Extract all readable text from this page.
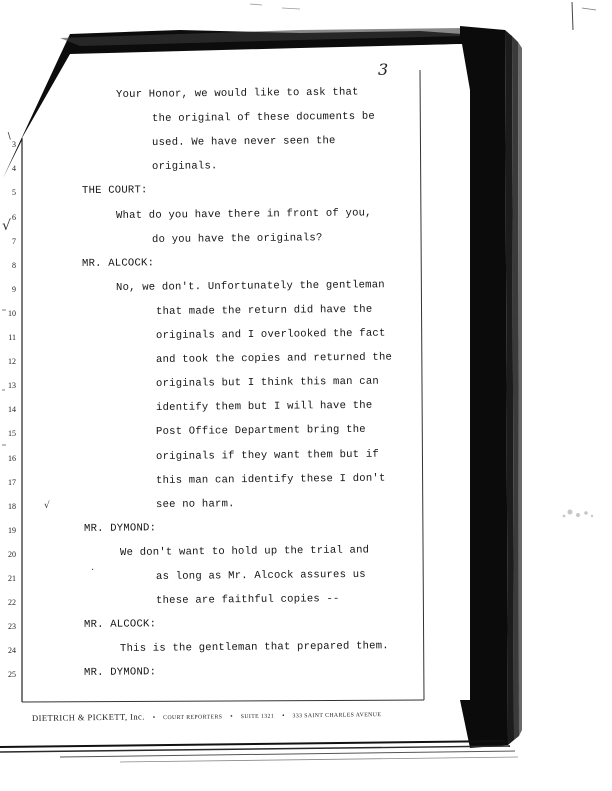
3
√
√
.
∖
Your Honor, we would like to ask that
the original of these documents be
used. We have never seen the
originals.
THE COURT:
What do you have there in front of you,
do you have the originals?
MR. ALCOCK:
No, we don't. Unfortunately the gentleman
that made the return did have the
originals and I overlooked the fact
and took the copies and returned the
originals but I think this man can
identify them but I will have the
Post Office Department bring the
originals if they want them but if
this man can identify these I don't
see no harm.
MR. DYMOND:
We don't want to hold up the trial and
as long as Mr. Alcock assures us
these are faithful copies --
MR. ALCOCK:
This is the gentleman that prepared them.
MR. DYMOND:
3
4
5
6
7
8
9
10
11
12
13
14
15
16
17
18
19
20
21
22
23
24
25
DIETRICH & PICKETT, Inc. • COURT REPORTERS • SUITE 1321 • 333 SAINT CHARLES AVENUE
